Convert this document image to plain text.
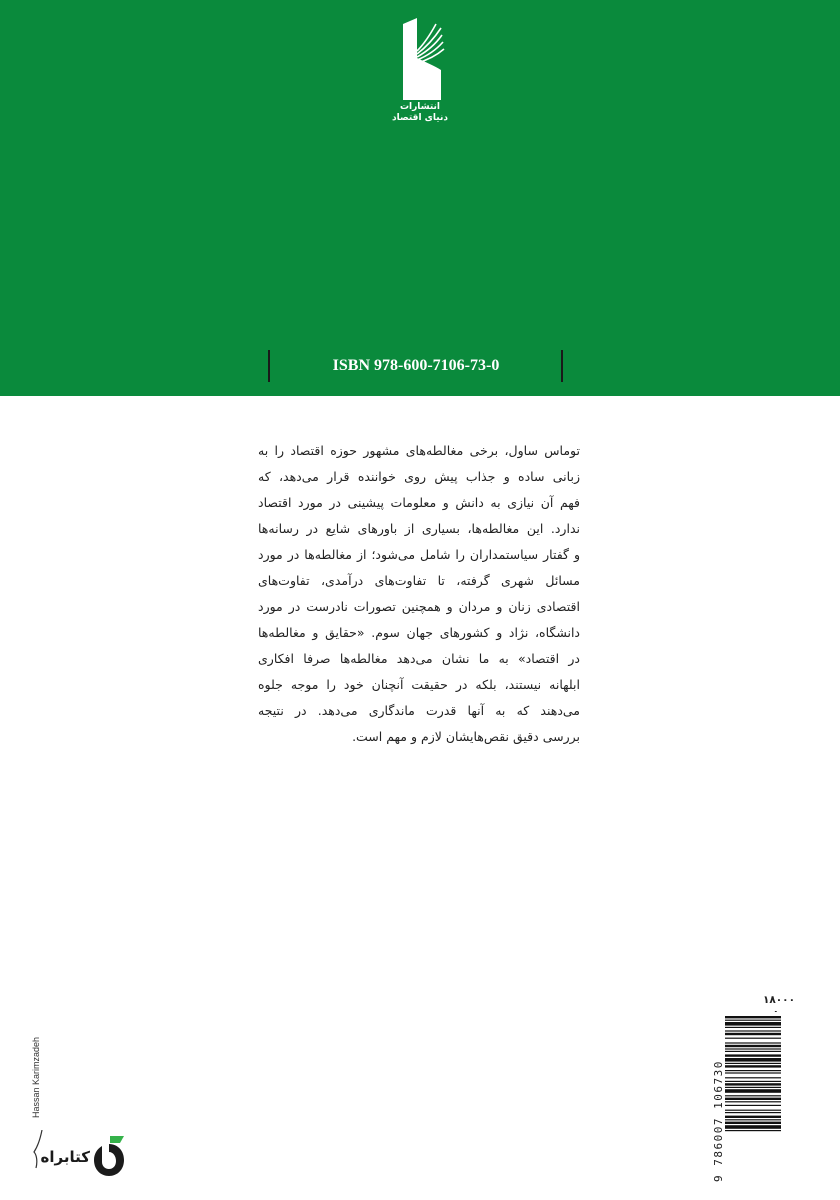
انتشارات
دنیای اقتصاد
ISBN 978-600-7106-73-0
توماس ساول، برخی مغالطه‌های مشهور حوزه اقتصاد را به
زبانی ساده و جذاب پیش روی خواننده قرار می‌دهد، که
فهم آن نیازی به دانش و معلومات پیشینی در مورد اقتصاد
ندارد. این مغالطه‌ها، بسیاری از باورهای شایع در رسانه‌ها
و گفتار سیاستمداران را شامل می‌شود؛ از مغالطه‌ها در مورد
مسائل شهری گرفته، تا تفاوت‌های درآمدی، تفاوت‌های
اقتصادی زنان و مردان و همچنین تصورات نادرست در مورد
دانشگاه، نژاد و کشورهای جهان سوم. «حقایق و مغالطه‌ها
در اقتصاد» به ما نشان می‌دهد مغالطه‌ها صرفا افکاری
ابلهانه نیستند، بلکه در حقیقت آنچنان خود را موجه جلوه
می‌دهند که به آنها قدرت ماندگاری می‌دهد. در نتیجه
بررسی دقیق نقص‌هایشان لازم و مهم است.
۱۸۰۰۰
9 786007 106730
Hassan Karimzadeh
کتابراه
